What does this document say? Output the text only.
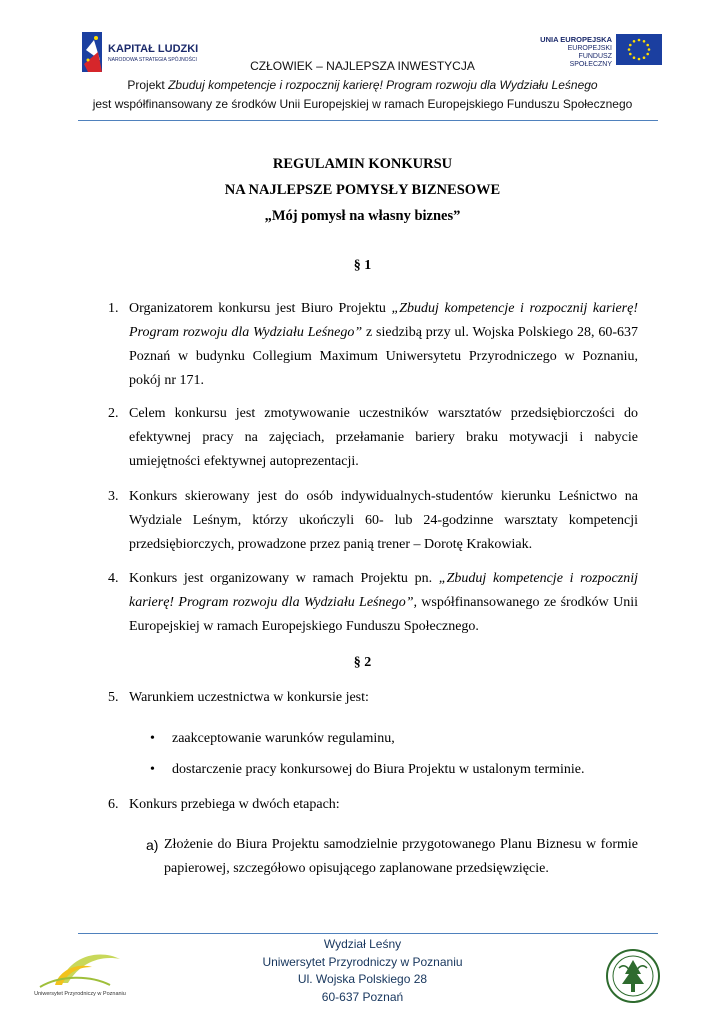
KAPITAŁ LUDZKI
NARODOWA STRATEGIA SPÓJNOŚCI
UNIA EUROPEJSKA
EUROPEJSKI
FUNDUSZ SPOŁECZNY
CZŁOWIEK – NAJLEPSZA INWESTYCJA
Projekt Zbuduj kompetencje i rozpocznij karierę! Program rozwoju dla Wydziału Leśnego
jest współfinansowany ze środków Unii Europejskiej w ramach Europejskiego Funduszu Społecznego
REGULAMIN KONKURSU
NA NAJLEPSZE POMYSŁY BIZNESOWE
„Mój pomysł na własny biznes”
§ 1
1. Organizatorem konkursu jest Biuro Projektu „Zbuduj kompetencje i rozpocznij karierę! Program rozwoju dla Wydziału Leśnego” z siedzibą przy ul. Wojska Polskiego 28, 60-637 Poznań w budynku Collegium Maximum Uniwersytetu Przyrodniczego w Poznaniu, pokój nr 171.
2. Celem konkursu jest zmotywowanie uczestników warsztatów przedsiębiorczości do efektywnej pracy na zajęciach, przełamanie bariery braku motywacji i nabycie umiejętności efektywnej autoprezentacji.
3. Konkurs skierowany jest do osób indywidualnych-studentów kierunku Leśnictwo na Wydziale Leśnym, którzy ukończyli 60- lub 24-godzinne warsztaty kompetencji przedsiębiorczych, prowadzone przez panią trener – Dorotę Krakowiak.
4. Konkurs jest organizowany w ramach Projektu pn. „Zbuduj kompetencje i rozpocznij karierę! Program rozwoju dla Wydziału Leśnego”, współfinansowanego ze środków Unii Europejskiej w ramach Europejskiego Funduszu Społecznego.
§ 2
5. Warunkiem uczestnictwa w konkursie jest:
• zaakceptowanie warunków regulaminu,
• dostarczenie pracy konkursowej do Biura Projektu w ustalonym terminie.
6. Konkurs przebiega w dwóch etapach:
a) Złożenie do Biura Projektu samodzielnie przygotowanego Planu Biznesu w formie papierowej, szczegółowo opisującego zaplanowane przedsięwzięcie.
Uniwersytet Przyrodniczy w Poznaniu
Wydział Leśny
Uniwersytet Przyrodniczy w Poznaniu
Ul. Wojska Polskiego 28
60-637 Poznań
